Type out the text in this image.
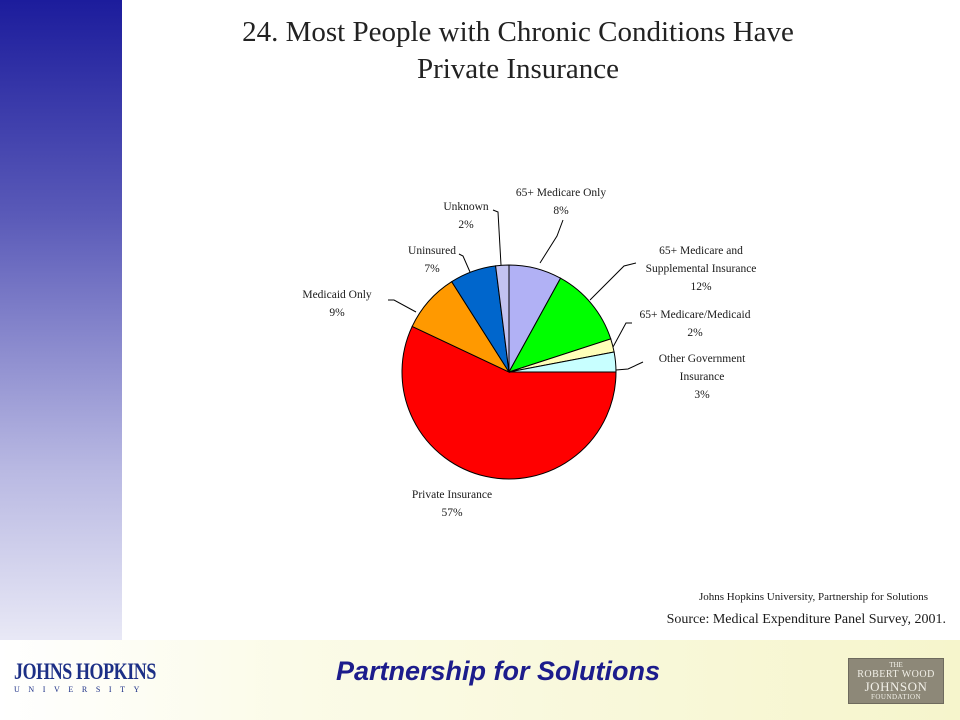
24. Most People with Chronic Conditions Have
Private Insurance
65+ Medicare Only
8%
65+ Medicare and
Supplemental Insurance
12%
65+ Medicare/Medicaid
2%
Other Government
Insurance
3%
Private Insurance
57%
Medicaid Only
9%
Uninsured
7%
Unknown
2%
Johns Hopkins University, Partnership for Solutions
Source: Medical Expenditure Panel Survey, 2001.
JOHNS HOPKINS
UNIVERSITY
Partnership for Solutions	THE
ROBERT WOOD
JOHNSON
FOUNDATION
